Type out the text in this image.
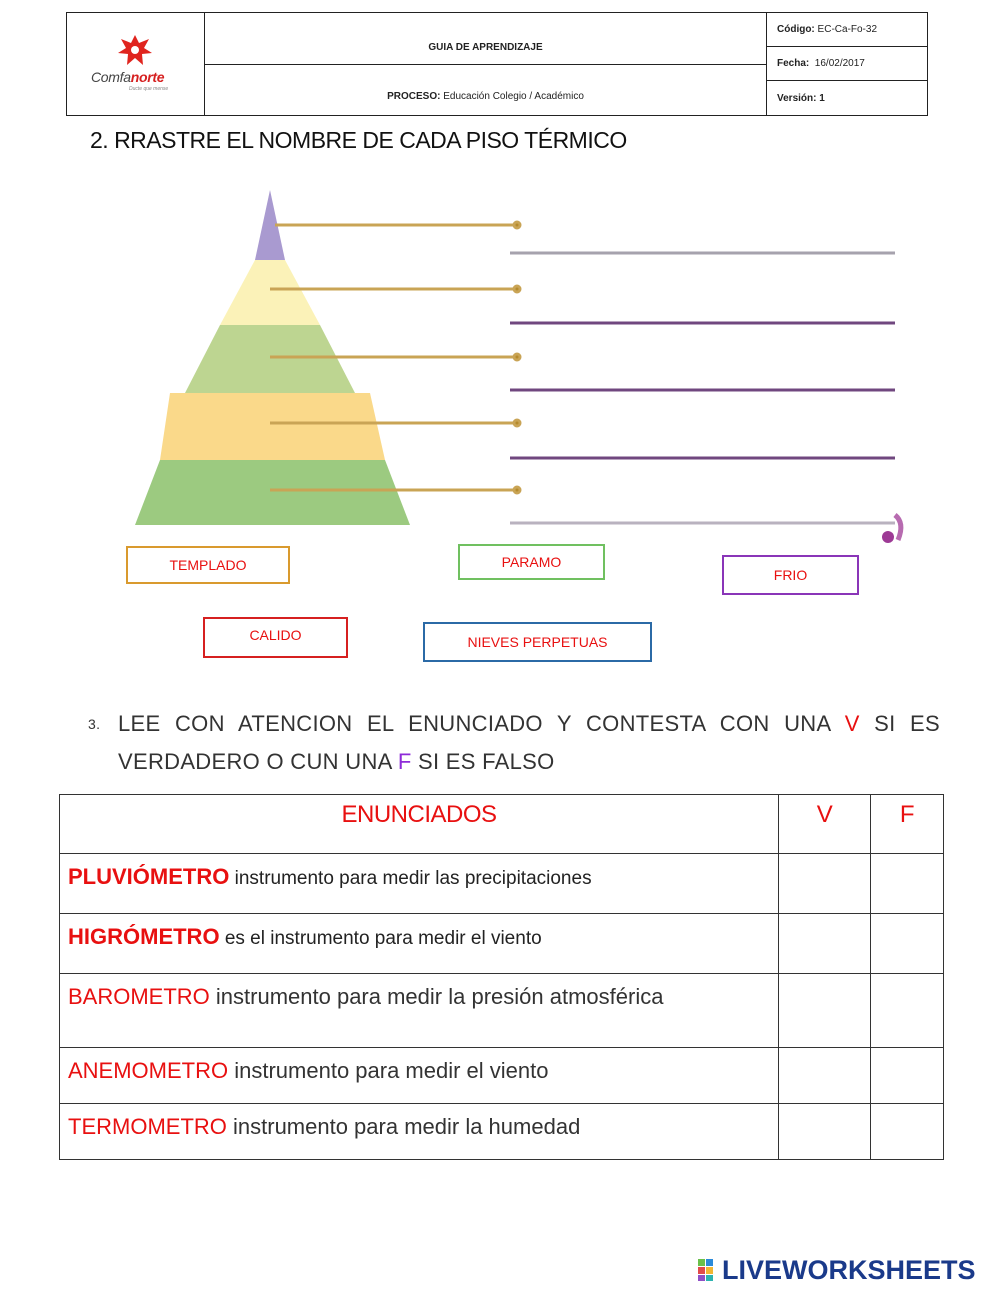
Comfanorte
Ducte que mense
GUIA DE APRENDIZAJE
PROCESO:
Educación Colegio / Académico
Código:
EC-Ca-Fo-32
Fecha:
16/02/2017
Versión: 1
2. RRASTRE EL NOMBRE DE CADA PISO TÉRMICO
TEMPLADO	PARAMO
FRIO
CALIDO	NIEVES PERPETUAS
3. LEE CON ATENCION EL ENUNCIADO Y CONTESTA CON UNA V SI ES VERDADERO O CUN UNA F SI ES FALSO
ENUNCIADOS	V	F
PLUVIÓMETRO instrumento para medir las precipitaciones		
HIGRÓMETRO es el instrumento para medir el viento		
BAROMETRO instrumento para medir la presión atmosférica		
ANEMOMETRO instrumento para medir el viento		
TERMOMETRO instrumento para medir la humedad		
LIVEWORKSHEETS
